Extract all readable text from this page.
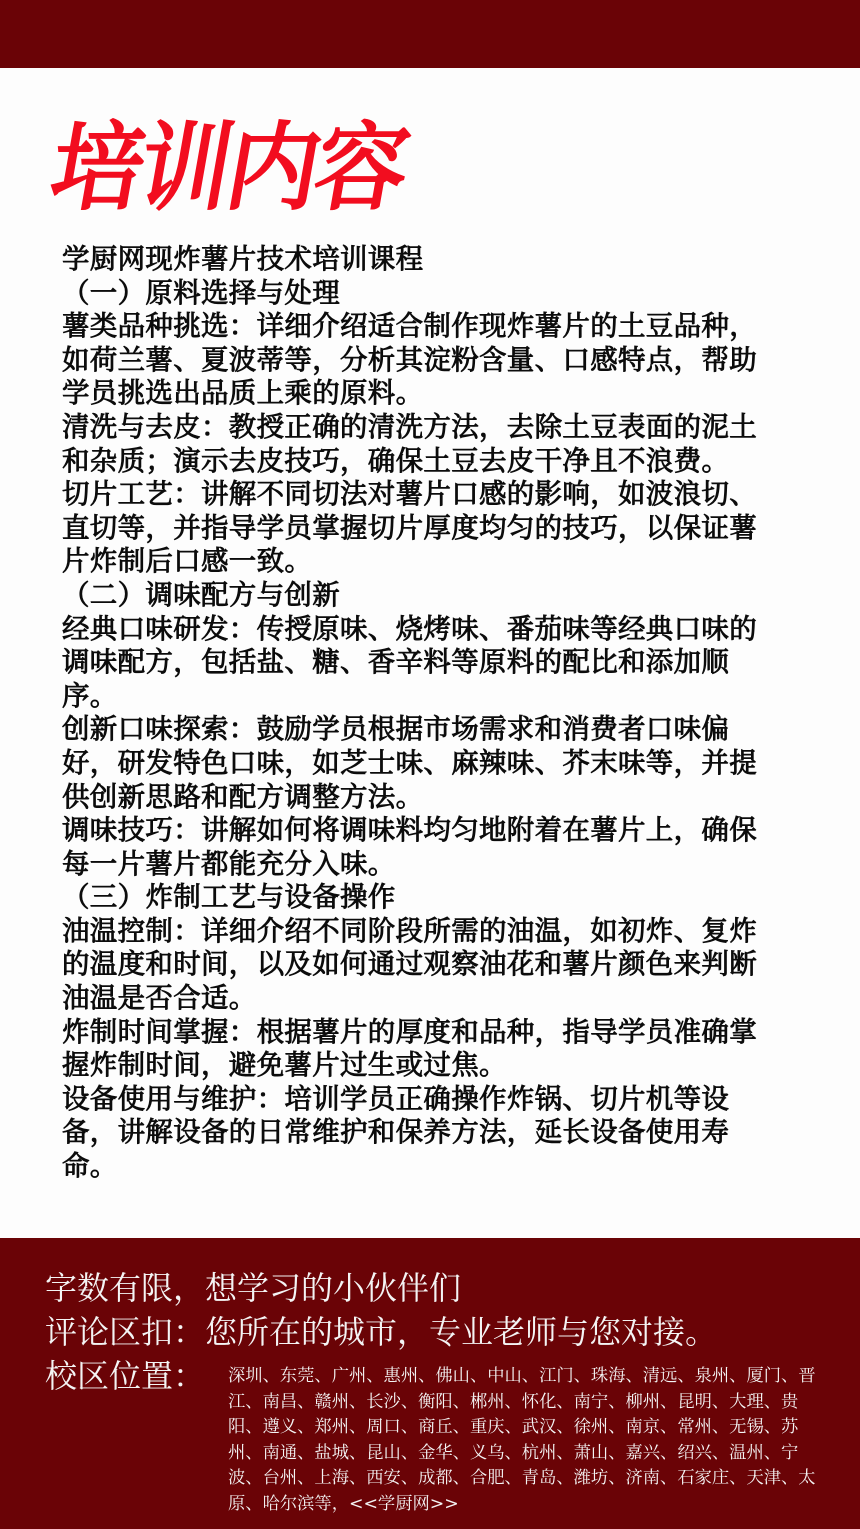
培训内容

学厨网现炸薯片技术培训课程

（一）原料选择与处理

薯类品种挑选：详细介绍适合制作现炸薯片的土豆品种，如荷兰薯、夏波蒂等，分析其淀粉含量、口感特点，帮助学员挑选出品质上乘的原料。

清洗与去皮：教授正确的清洗方法，去除土豆表面的泥土和杂质；演示去皮技巧，确保土豆去皮干净且不浪费。

切片工艺：讲解不同切法对薯片口感的影响，如波浪切、直切等，并指导学员掌握切片厚度均匀的技巧，以保证薯片炸制后口感一致。

（二）调味配方与创新

经典口味研发：传授原味、烧烤味、番茄味等经典口味的调味配方，包括盐、糖、香辛料等原料的配比和添加顺序。

创新口味探索：鼓励学员根据市场需求和消费者口味偏好，研发特色口味，如芝士味、麻辣味、芥末味等，并提供创新思路和配方调整方法。

调味技巧：讲解如何将调味料均匀地附着在薯片上，确保每一片薯片都能充分入味。

（三）炸制工艺与设备操作

油温控制：详细介绍不同阶段所需的油温，如初炸、复炸的温度和时间，以及如何通过观察油花和薯片颜色来判断油温是否合适。

炸制时间掌握：根据薯片的厚度和品种，指导学员准确掌握炸制时间，避免薯片过生或过焦。

设备使用与维护：培训学员正确操作炸锅、切片机等设备，讲解设备的日常维护和保养方法，延长设备使用寿命。

字数有限，想学习的小伙伴们
评论区扣：您所在的城市，专业老师与您对接。
校区位置： 深圳、东莞、广州、惠州、佛山、中山、江门、珠海、清远、泉州、厦门、晋江、南昌、赣州、长沙、衡阳、郴州、怀化、南宁、柳州、昆明、大理、贵阳、遵义、郑州、周口、商丘、重庆、武汉、徐州、南京、常州、无锡、苏州、南通、盐城、昆山、金华、义乌、杭州、萧山、嘉兴、绍兴、温州、宁波、台州、上海、西安、成都、合肥、青岛、潍坊、济南、石家庄、天津、太原、哈尔滨等，<<学厨网>>
